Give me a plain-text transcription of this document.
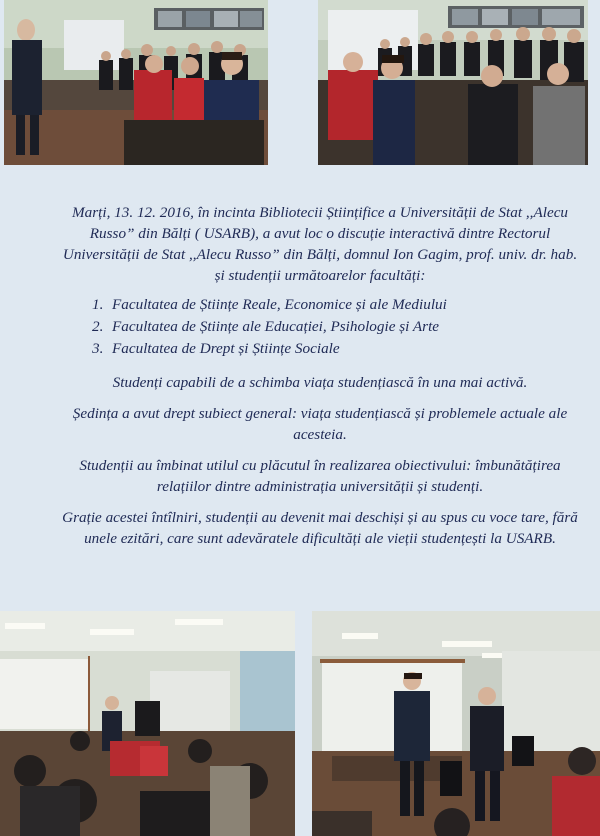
Marți, 13. 12. 2016, în incinta Bibliotecii Științifice a Universității de Stat ,,Alecu Russo” din Bălți ( USARB), a avut loc o discuție interactivă dintre Rectorul Universității de Stat ,,Alecu Russo” din Bălți, domnul Ion Gagim, prof. univ. dr. hab. și studenții următoarelor facultăți:

1. Facultatea de Științe Reale, Economice și ale Mediului
2. Facultatea de Științe ale Educației, Psihologie și Arte
3. Facultatea de Drept și Științe Sociale

Studenți capabili de a schimba viața studențiască în una mai activă.

Ședința a avut drept subiect general: viața studențiască și problemele actuale ale acesteia.

Studenții au îmbinat utilul cu plăcutul în realizarea obiectivului: îmbunătățirea relațiilor dintre administrația universității și studenți.

Grație acestei întîlniri, studenții au devenit mai deschiși și au spus cu voce tare, fără unele ezitări, care sunt adevăratele dificultăți ale vieții studențești la USARB.
